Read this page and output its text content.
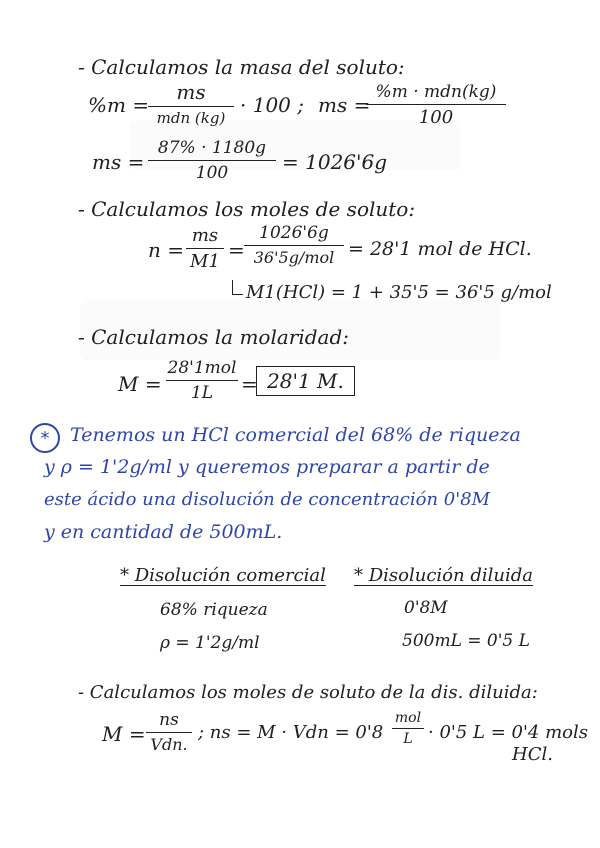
- Calculamos la masa del soluto:
%m =
ms
mdn (kg)
· 100 ; ms =
%m · mdn(kg)
100
ms =
87% · 1180g
100	= 1026'6g
- Calculamos los moles de soluto:
n =
ms
M1 =
1026'6g
36'5g/mol = 28'1 mol de HCl.
M1(HCl) = 1 + 35'5 = 36'5 g/mol
- Calculamos la molaridad:
M =
28'1mol
1L = 28'1 M.
*	Tenemos un HCl comercial del 68% de riqueza
y ρ = 1'2g/ml y queremos preparar a partir de
este ácido una disolución de concentración 0'8M
y en cantidad de 500mL.
* Disolución comercial * Disolución diluida
68% riqueza
ρ = 1'2g/ml
0'8M
500mL = 0'5 L
- Calculamos los moles de soluto de la dis. diluida:
M =
ns
Vdn.
; ns = M · Vdn = 0'8
mol
L · 0'5 L = 0'4 mols
HCl.
